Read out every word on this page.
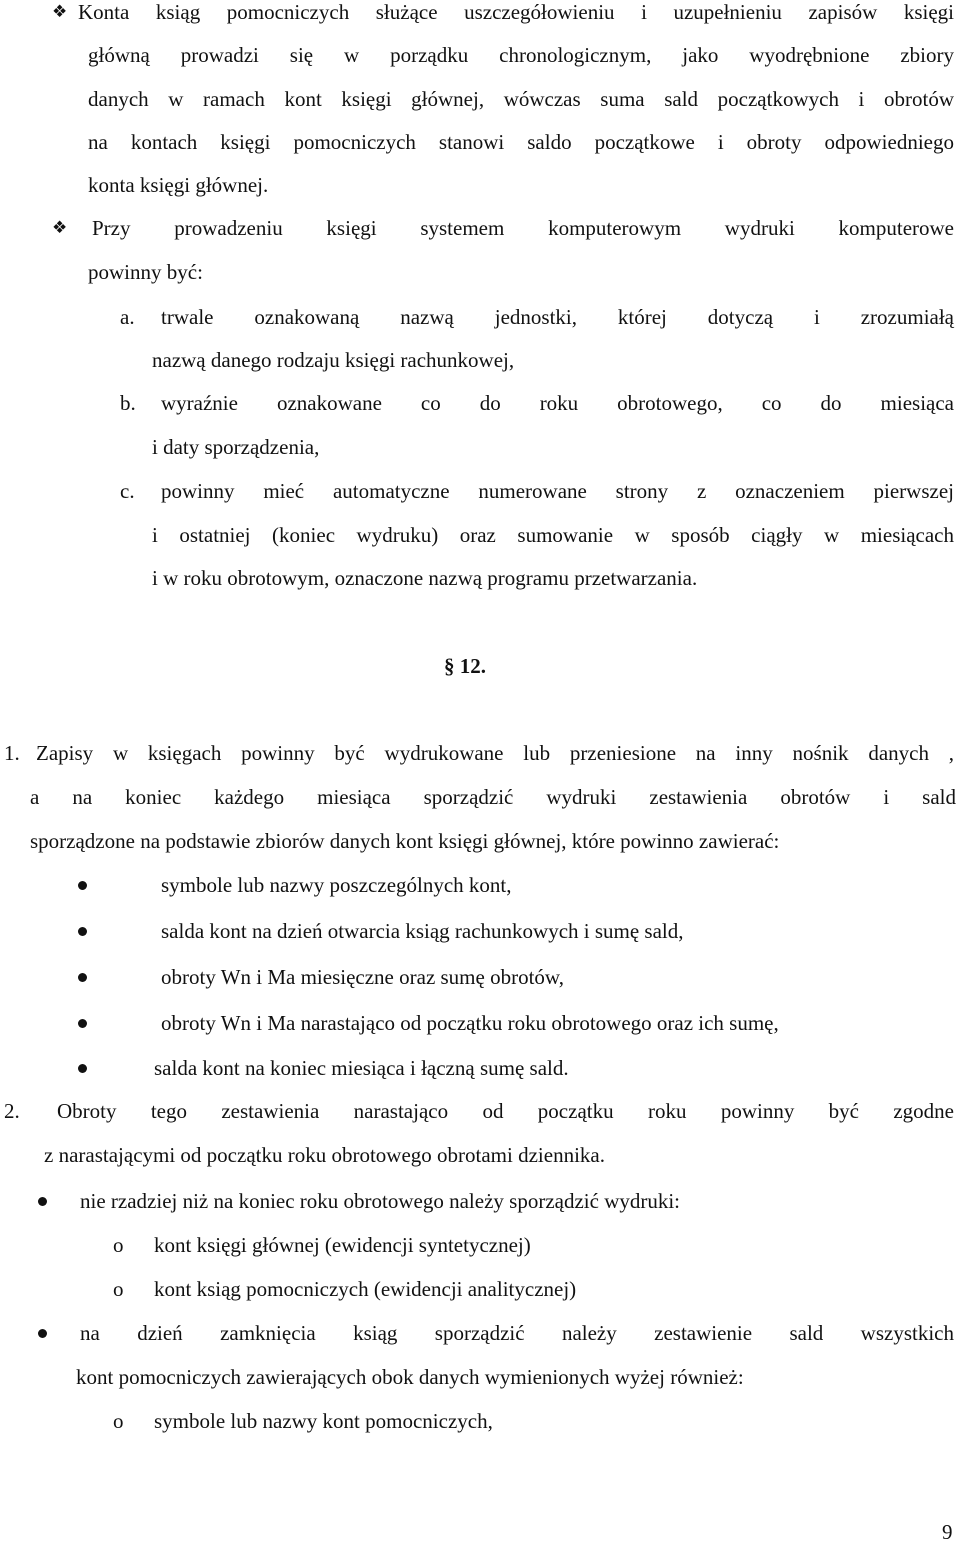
❖ Konta ksiąg pomocniczych służące uszczegółowieniu i uzupełnieniu zapisów księgi
główną prowadzi się w porządku chronologicznym, jako wyodrębnione zbiory
danych w ramach kont księgi głównej, wówczas suma sald początkowych i obrotów
na kontach księgi pomocniczych stanowi saldo początkowe i obroty odpowiedniego
konta księgi głównej.
❖ Przy prowadzeniu księgi systemem komputerowym wydruki komputerowe
powinny być:
a. trwale oznakowaną nazwą jednostki, której dotyczą i zrozumiałą
nazwą danego rodzaju księgi rachunkowej,
b. wyraźnie oznakowane co do roku obrotowego, co do miesiąca
i daty sporządzenia,
c. powinny mieć automatyczne numerowane strony z oznaczeniem pierwszej
i ostatniej (koniec wydruku) oraz sumowanie w sposób ciągły w miesiącach
i w roku obrotowym, oznaczone nazwą programu przetwarzania.
§ 12.
1. Zapisy w księgach powinny być wydrukowane lub przeniesione na inny nośnik danych ,
a na koniec każdego miesiąca sporządzić wydruki zestawienia obrotów i sald
sporządzone na podstawie zbiorów danych kont księgi głównej, które powinno zawierać:
symbole lub nazwy poszczególnych kont,
salda kont na dzień otwarcia ksiąg rachunkowych i sumę sald,
obroty Wn i Ma miesięczne oraz sumę obrotów,
obroty Wn i Ma narastająco od początku roku obrotowego oraz ich sumę,
salda kont na koniec miesiąca i łączną sumę sald.
2. Obroty tego zestawienia narastająco od początku roku powinny być zgodne
z narastającymi od początku roku obrotowego obrotami dziennika.
nie rzadziej niż na koniec roku obrotowego należy sporządzić wydruki:
o kont księgi głównej (ewidencji syntetycznej)
o kont ksiąg pomocniczych (ewidencji analitycznej)
na dzień zamknięcia ksiąg sporządzić należy zestawienie sald wszystkich
kont pomocniczych zawierających obok danych wymienionych wyżej również:
o symbole lub nazwy kont pomocniczych,
9
